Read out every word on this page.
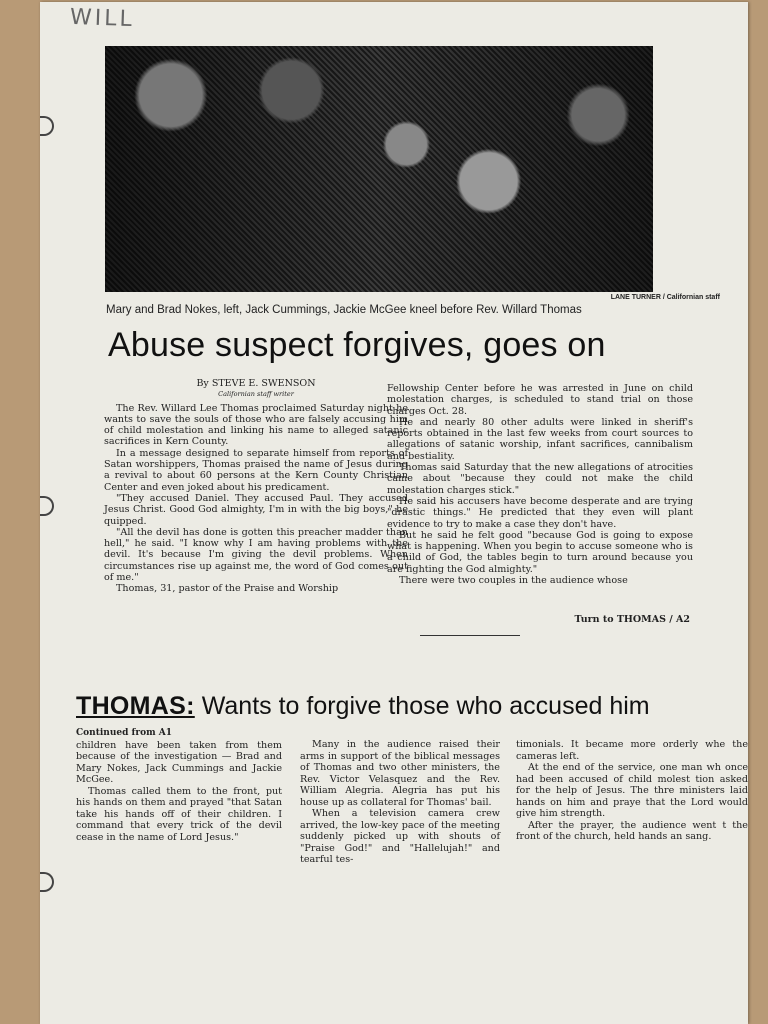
WILL
LANE TURNER / Californian staff
Mary and Brad Nokes, left, Jack Cummings, Jackie McGee kneel before Rev. Willard Thomas
Abuse suspect forgives, goes on

By STEVE E. SWENSON

Californian staff writer

The Rev. Willard Lee Thomas proclaimed Saturday night he wants to save the souls of those who are falsely accusing him of child molestation and linking his name to alleged satanic sacrifices in Kern County.

In a message designed to separate himself from reports of Satan worshippers, Thomas praised the name of Jesus during a revival to about 60 persons at the Kern County Christian Center and even joked about his predicament.

"They accused Daniel. They accused Paul. They accused Jesus Christ. Good God almighty, I'm in with the big boys," he quipped.

"All the devil has done is gotten this preacher madder than hell," he said. "I know why I am having problems with the devil. It's because I'm giving the devil problems. When circumstances rise up against me, the word of God comes out of me."

Thomas, 31, pastor of the Praise and Worship

Fellowship Center before he was arrested in June on child molestation charges, is scheduled to stand trial on those charges Oct. 28.

He and nearly 80 other adults were linked in sheriff's reports obtained in the last few weeks from court sources to allegations of satanic worship, infant sacrifices, cannibalism and bestiality.

Thomas said Saturday that the new allegations of atrocities came about "because they could not make the child molestation charges stick."

He said his accusers have become desperate and are trying "drastic things." He predicted that they even will plant evidence to try to make a case they don't have.

But he said he felt good "because God is going to expose what is happening. When you begin to accuse someone who is a child of God, the tables begin to turn around because you are fighting the God almighty."

There were two couples in the audience whose

Turn to THOMAS / A2
THOMAS: Wants to forgive those who accused him

Continued from A1

children have been taken from them because of the investigation — Brad and Mary Nokes, Jack Cummings and Jackie McGee.

Thomas called them to the front, put his hands on them and prayed "that Satan take his hands off of their children. I command that every trick of the devil cease in the name of Lord Jesus."

Many in the audience raised their arms in support of the biblical messages of Thomas and two other ministers, the Rev. Victor Velasquez and the Rev. William Alegria. Alegria has put his house up as collateral for Thomas' bail.

When a television camera crew arrived, the low-key pace of the meeting suddenly picked up with shouts of "Praise God!" and "Hallelujah!" and tearful tes-

timonials. It became more orderly whe the cameras left.

At the end of the service, one man wh once had been accused of child molest tion asked for the help of Jesus. The thre ministers laid hands on him and praye that the Lord would give him strength.

After the prayer, the audience went t the front of the church, held hands an sang.
